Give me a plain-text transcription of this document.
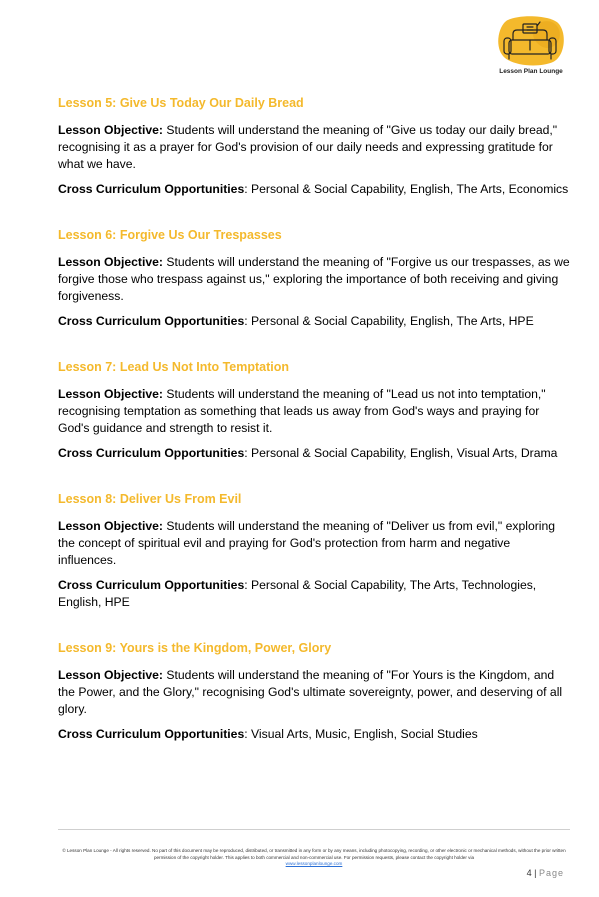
Lesson Plan Lounge
Lesson 5: Give Us Today Our Daily Bread

Lesson Objective: Students will understand the meaning of "Give us today our daily bread," recognising it as a prayer for God's provision of our daily needs and expressing gratitude for what we have.

Cross Curriculum Opportunities: Personal & Social Capability, English, The Arts, Economics

Lesson 6: Forgive Us Our Trespasses

Lesson Objective: Students will understand the meaning of "Forgive us our trespasses, as we forgive those who trespass against us," exploring the importance of both receiving and giving forgiveness.

Cross Curriculum Opportunities: Personal & Social Capability, English, The Arts, HPE

Lesson 7: Lead Us Not Into Temptation

Lesson Objective: Students will understand the meaning of "Lead us not into temptation," recognising temptation as something that leads us away from God's ways and praying for God's guidance and strength to resist it.

Cross Curriculum Opportunities: Personal & Social Capability, English, Visual Arts, Drama

Lesson 8: Deliver Us From Evil

Lesson Objective: Students will understand the meaning of "Deliver us from evil," exploring the concept of spiritual evil and praying for God's protection from harm and negative influences.

Cross Curriculum Opportunities: Personal & Social Capability, The Arts, Technologies, English, HPE

Lesson 9: Yours is the Kingdom, Power, Glory

Lesson Objective: Students will understand the meaning of "For Yours is the Kingdom, and the Power, and the Glory," recognising God's ultimate sovereignty, power, and deserving of all glory.

Cross Curriculum Opportunities: Visual Arts, Music, English, Social Studies

© Lesson Plan Lounge - All rights reserved. No part of this document may be reproduced, distributed, or transmitted in any form or by any means, including photocopying, recording, or other electronic or mechanical methods, without the prior written permission of the copyright holder. This applies to both commercial and non-commercial use. For permission requests, please contact the copyright holder via
www.lessonplanlounge.com
4 | Page
